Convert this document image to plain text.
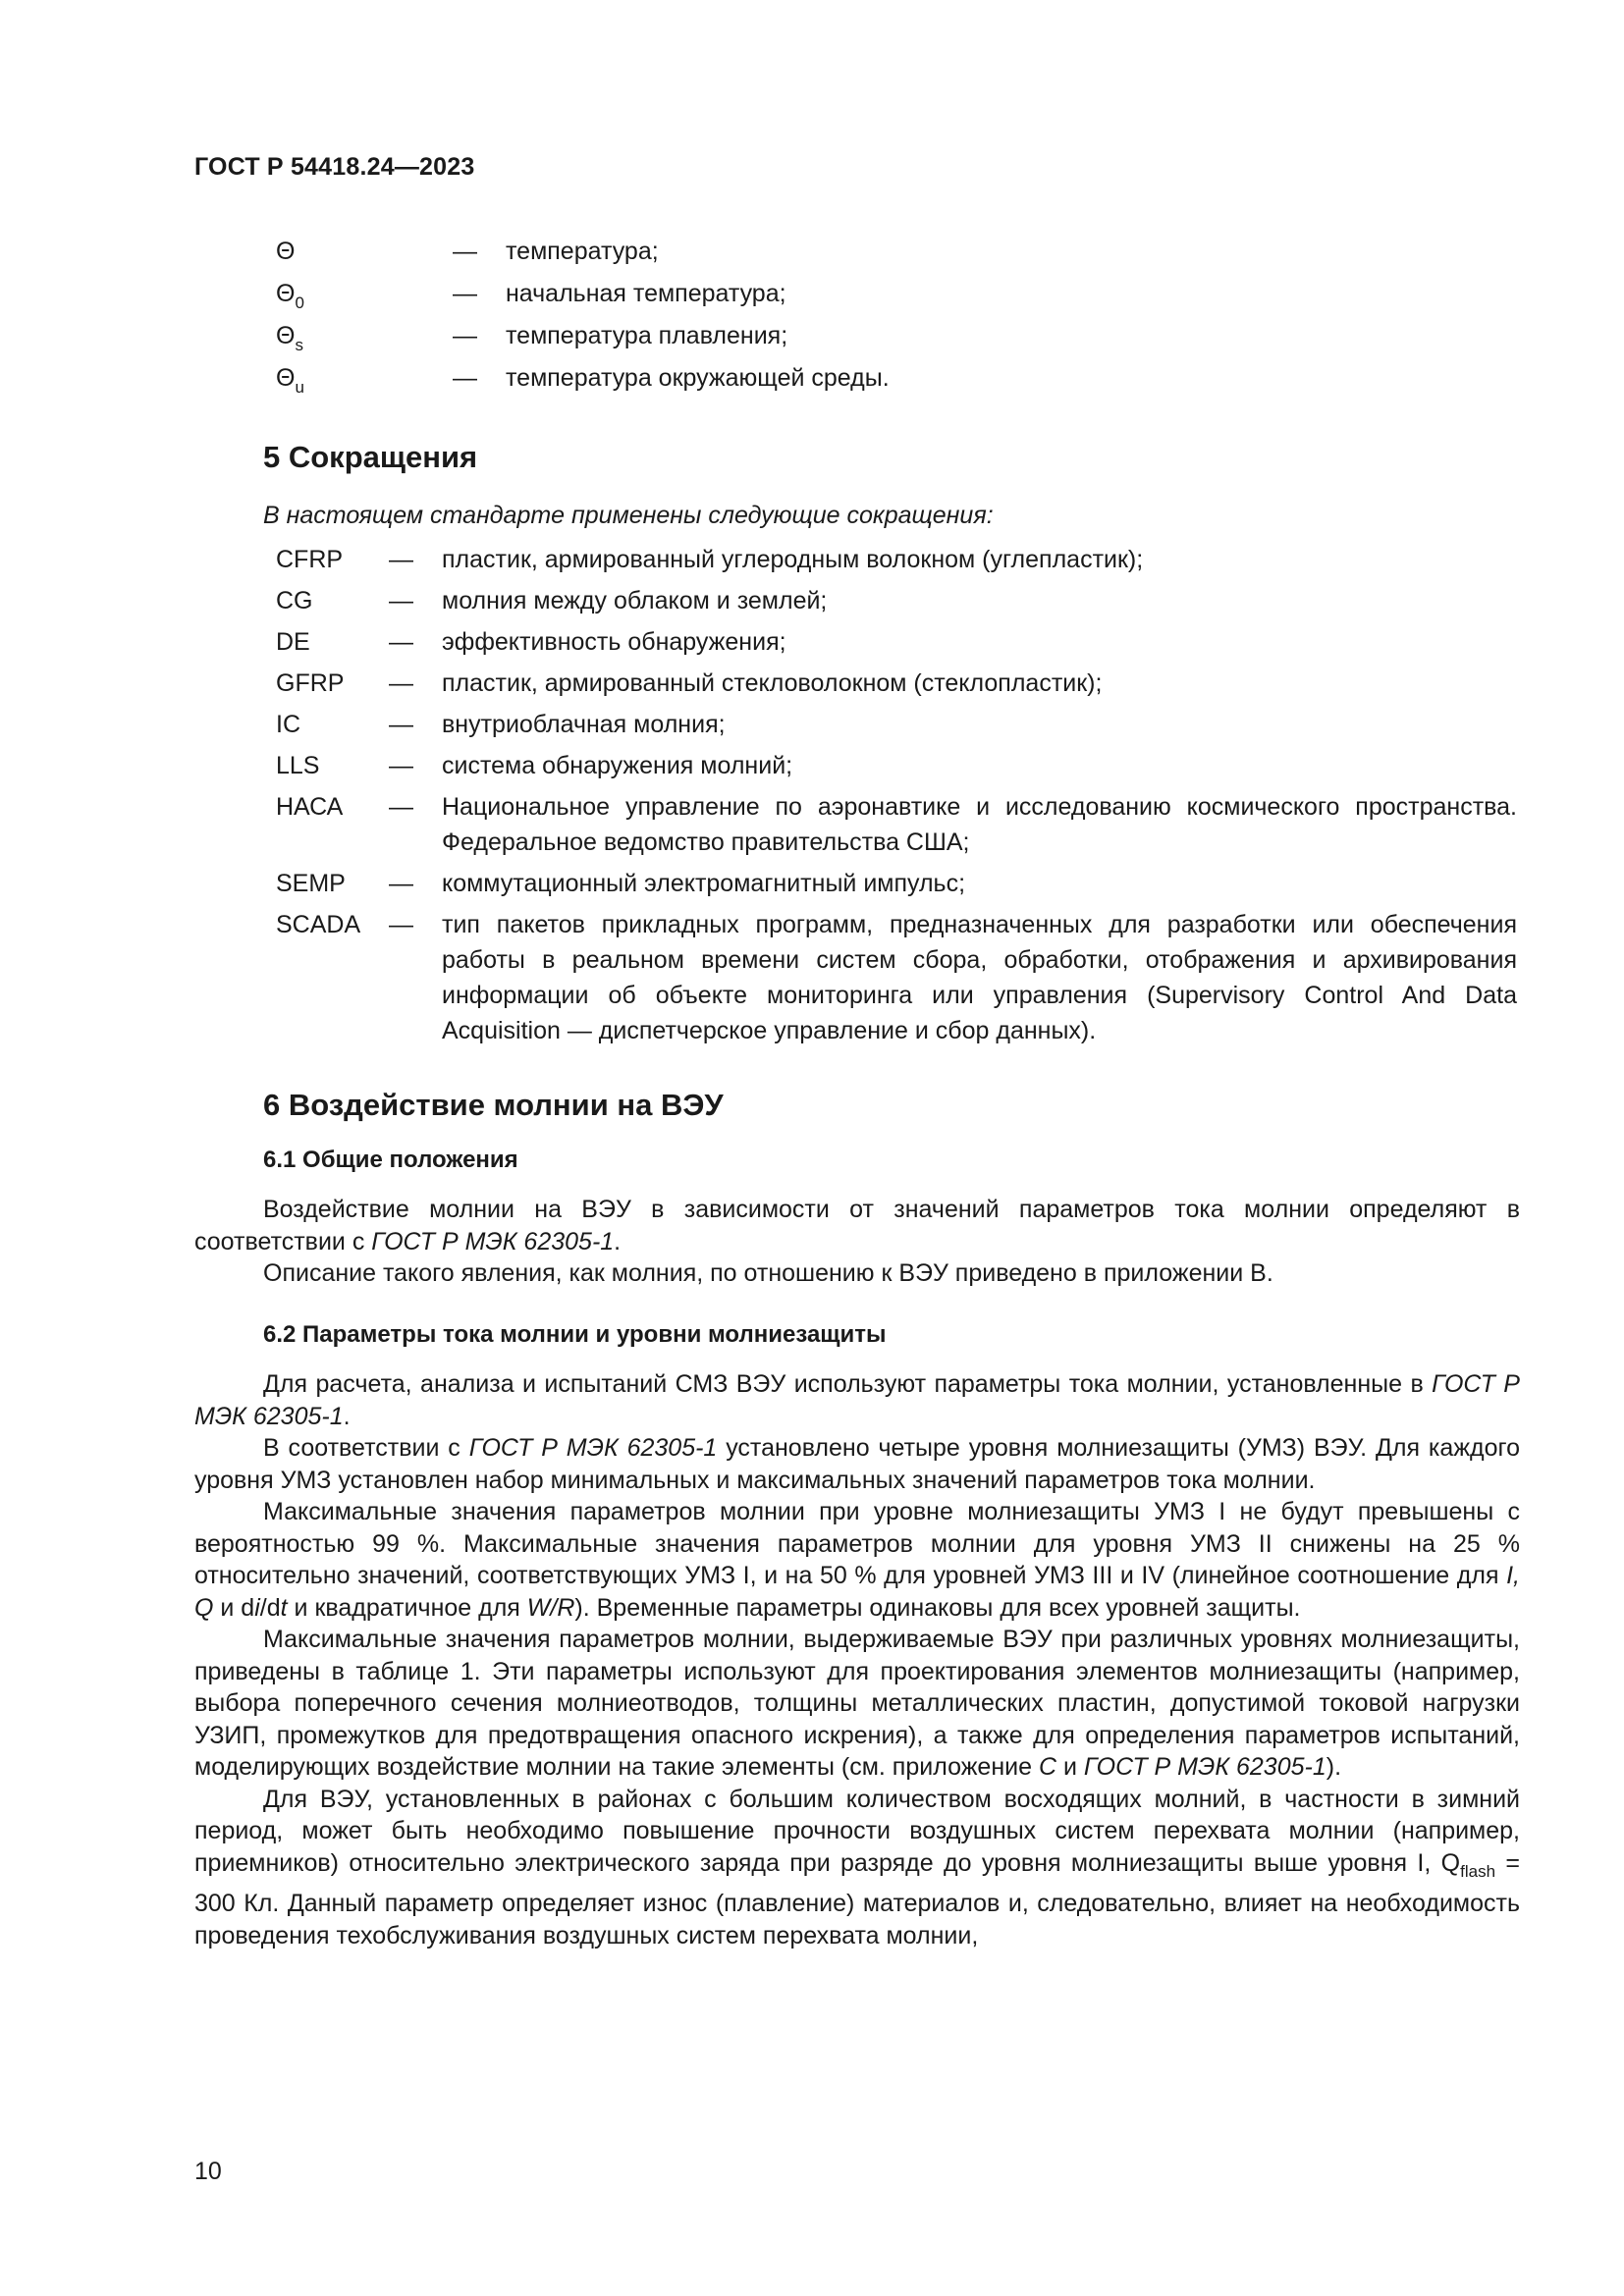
ГОСТ Р 54418.24—2023
Θ	—	температура;
$\Theta_0$	—	начальная температура;
$\Theta_s$	—	температура плавления;
$\Theta_u$	—	температура окружающей среды.
5 Сокращения
В настоящем стандарте применены следующие сокращения:
CFRP	—	пластик, армированный углеродным волокном (углепластик);
CG	—	молния между облаком и землей;
DE	—	эффективность обнаружения;
GFRP	—	пластик, армированный стекловолокном (стеклопластик);
IC	—	внутриоблачная молния;
LLS	—	система обнаружения молний;
НАСА	—	Национальное управление по аэронавтике и исследованию космического пространства. Федеральное ведомство правительства США;
SEMP	—	коммутационный электромагнитный импульс;
SCADA	—	тип пакетов прикладных программ, предназначенных для разработки или обеспечения работы в реальном времени систем сбора, обработки, отображения и архивирования информации об объекте мониторинга или управления (Supervisory Control And Data Acquisition — диспетчерское управление и сбор данных).
6 Воздействие молнии на ВЭУ
6.1 Общие положения

Воздействие молнии на ВЭУ в зависимости от значений параметров тока молнии определяют в соответствии с ГОСТ Р МЭК 62305-1.

Описание такого явления, как молния, по отношению к ВЭУ приведено в приложении B.

6.2 Параметры тока молнии и уровни молниезащиты

Для расчета, анализа и испытаний СМЗ ВЭУ используют параметры тока молнии, установленные в ГОСТ Р МЭК 62305-1.

В соответствии с ГОСТ Р МЭК 62305-1 установлено четыре уровня молниезащиты (УМЗ) ВЭУ. Для каждого уровня УМЗ установлен набор минимальных и максимальных значений параметров тока молнии.

Максимальные значения параметров молнии при уровне молниезащиты УМЗ I не будут превышены с вероятностью 99 %. Максимальные значения параметров молнии для уровня УМЗ II снижены на 25 % относительно значений, соответствующих УМЗ I, и на 50 % для уровней УМЗ III и IV (линейное соотношение для I, Q и di/dt и квадратичное для W/R). Временные параметры одинаковы для всех уровней защиты.

Максимальные значения параметров молнии, выдерживаемые ВЭУ при различных уровнях молниезащиты, приведены в таблице 1. Эти параметры используют для проектирования элементов молниезащиты (например, выбора поперечного сечения молниеотводов, толщины металлических пластин, допустимой токовой нагрузки УЗИП, промежутков для предотвращения опасного искрения), а также для определения параметров испытаний, моделирующих воздействие молнии на такие элементы (см. приложение C и ГОСТ Р МЭК 62305-1).

Для ВЭУ, установленных в районах с большим количеством восходящих молний, в частности в зимний период, может быть необходимо повышение прочности воздушных систем перехвата молнии (например, приемников) относительно электрического заряда при разряде до уровня молниезащиты выше уровня I, $Q_{flash} = 300$ Кл. Данный параметр определяет износ (плавление) материалов и, следовательно, влияет на необходимость проведения техобслуживания воздушных систем перехвата молнии,

10
